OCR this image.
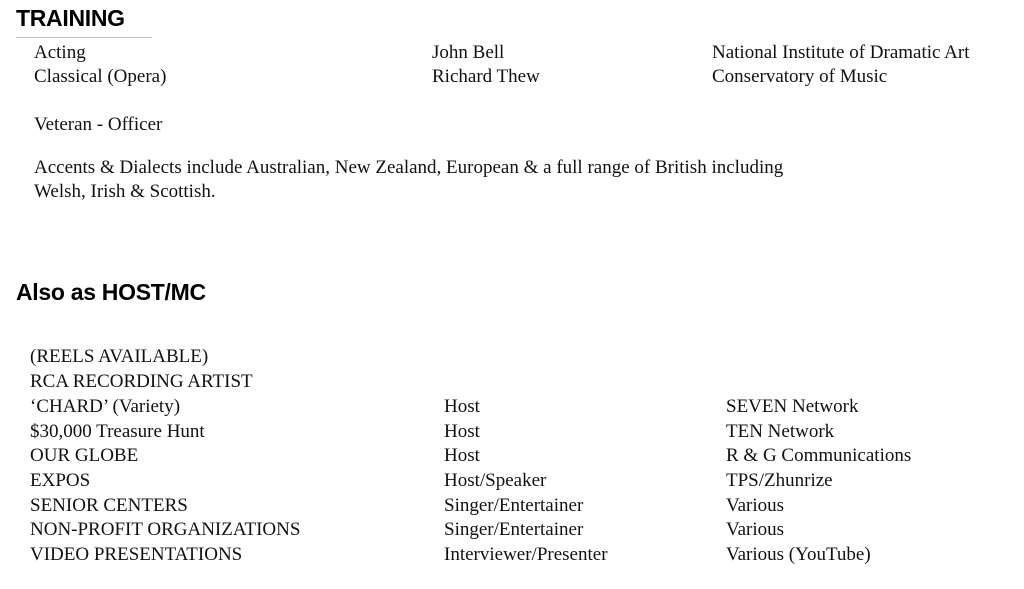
TRAINING
Acting	John Bell	National Institute of Dramatic Art
Classical (Opera)	Richard Thew	Conservatory of Music
Veteran - Officer
Accents & Dialects include Australian, New Zealand, European & a full range of British including
Welsh, Irish & Scottish.
Also as HOST/MC
(REELS AVAILABLE)
RCA RECORDING ARTIST
‘CHARD’ (Variety)	Host	SEVEN Network
$30,000 Treasure Hunt	Host	TEN Network
OUR GLOBE	Host	R & G Communications
EXPOS	Host/Speaker	TPS/Zhunrize
SENIOR CENTERS	Singer/Entertainer	Various
NON-PROFIT ORGANIZATIONS	Singer/Entertainer	Various
VIDEO PRESENTATIONS	Interviewer/Presenter	Various (YouTube)
